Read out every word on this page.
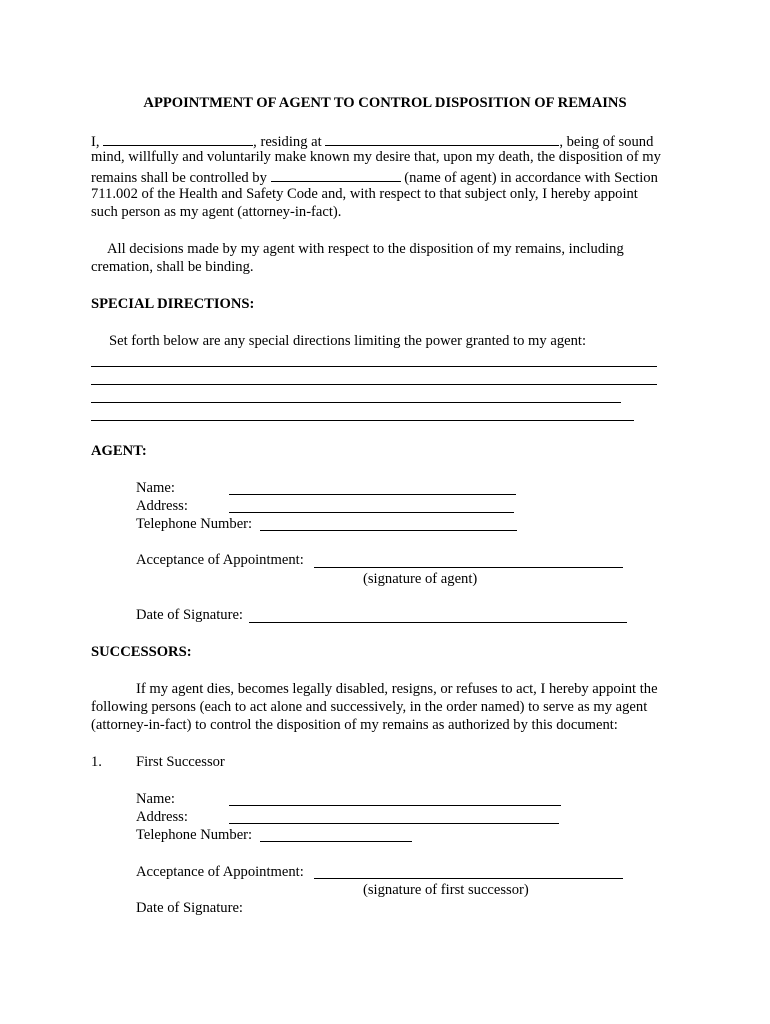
APPOINTMENT OF AGENT TO CONTROL DISPOSITION OF REMAINS
I,	, residing at	, being of sound
mind, willfully and voluntarily make known my desire that, upon my death, the disposition of my
remains shall be controlled by	(name of agent) in accordance with Section
711.002 of the Health and Safety Code and, with respect to that subject only, I hereby appoint
such person as my agent (attorney-in-fact).
All decisions made by my agent with respect to the disposition of my remains, including
cremation, shall be binding.
SPECIAL DIRECTIONS:
Set forth below are any special directions limiting the power granted to my agent:
AGENT:
Name:
Address:
Telephone Number:
Acceptance of Appointment:
(signature of agent)
Date of Signature:
SUCCESSORS:
If my agent dies, becomes legally disabled, resigns, or refuses to act, I hereby appoint the
following persons (each to act alone and successively, in the order named) to serve as my agent
(attorney-in-fact) to control the disposition of my remains as authorized by this document:
1. First Successor
Name:
Address:
Telephone Number:
Acceptance of Appointment:
(signature of first successor)
Date of Signature:
